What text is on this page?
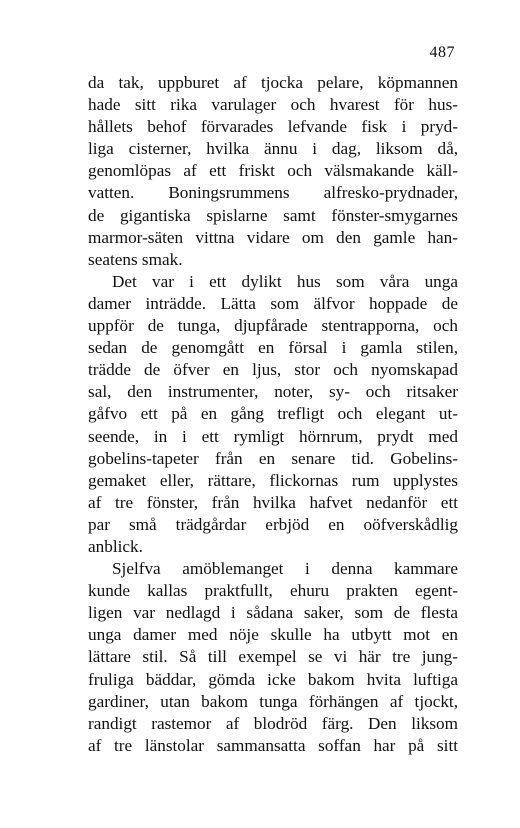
487
da tak, uppburet af tjocka pelare, köpmannen
hade sitt rika varulager och hvarest för hus-
hållets behof förvarades lefvande fisk i pryd-
liga cisterner, hvilka ännu i dag, liksom då,
genomlöpas af ett friskt och välsmakande käll-
vatten. Boningsrummens alfresko-prydnader,
de gigantiska spislarne samt fönster-smygarnes
marmor-säten vittna vidare om den gamle han-
seatens smak.
Det var i ett dylikt hus som våra unga
damer inträdde. Lätta som älfvor hoppade de
uppför de tunga, djupfårade stentrapporna, och
sedan de genomgått en försal i gamla stilen,
trädde de öfver en ljus, stor och nyomskapad
sal, den instrumenter, noter, sy- och ritsaker
gåfvo ett på en gång trefligt och elegant ut-
seende, in i ett rymligt hörnrum, prydt med
gobelins-tapeter från en senare tid. Gobelins-
gemaket eller, rättare, flickornas rum upplystes
af tre fönster, från hvilka hafvet nedanför ett
par små trädgårdar erbjöd en oöfverskådlig
anblick.
Sjelfva amöblemanget i denna kammare
kunde kallas praktfullt, ehuru prakten egent-
ligen var nedlagd i sådana saker, som de flesta
unga damer med nöje skulle ha utbytt mot en
lättare stil. Så till exempel se vi här tre jung-
fruliga bäddar, gömda icke bakom hvita luftiga
gardiner, utan bakom tunga förhängen af tjockt,
randigt rastemor af blodröd färg. Den liksom
af tre länstolar sammansatta soffan har på sitt
